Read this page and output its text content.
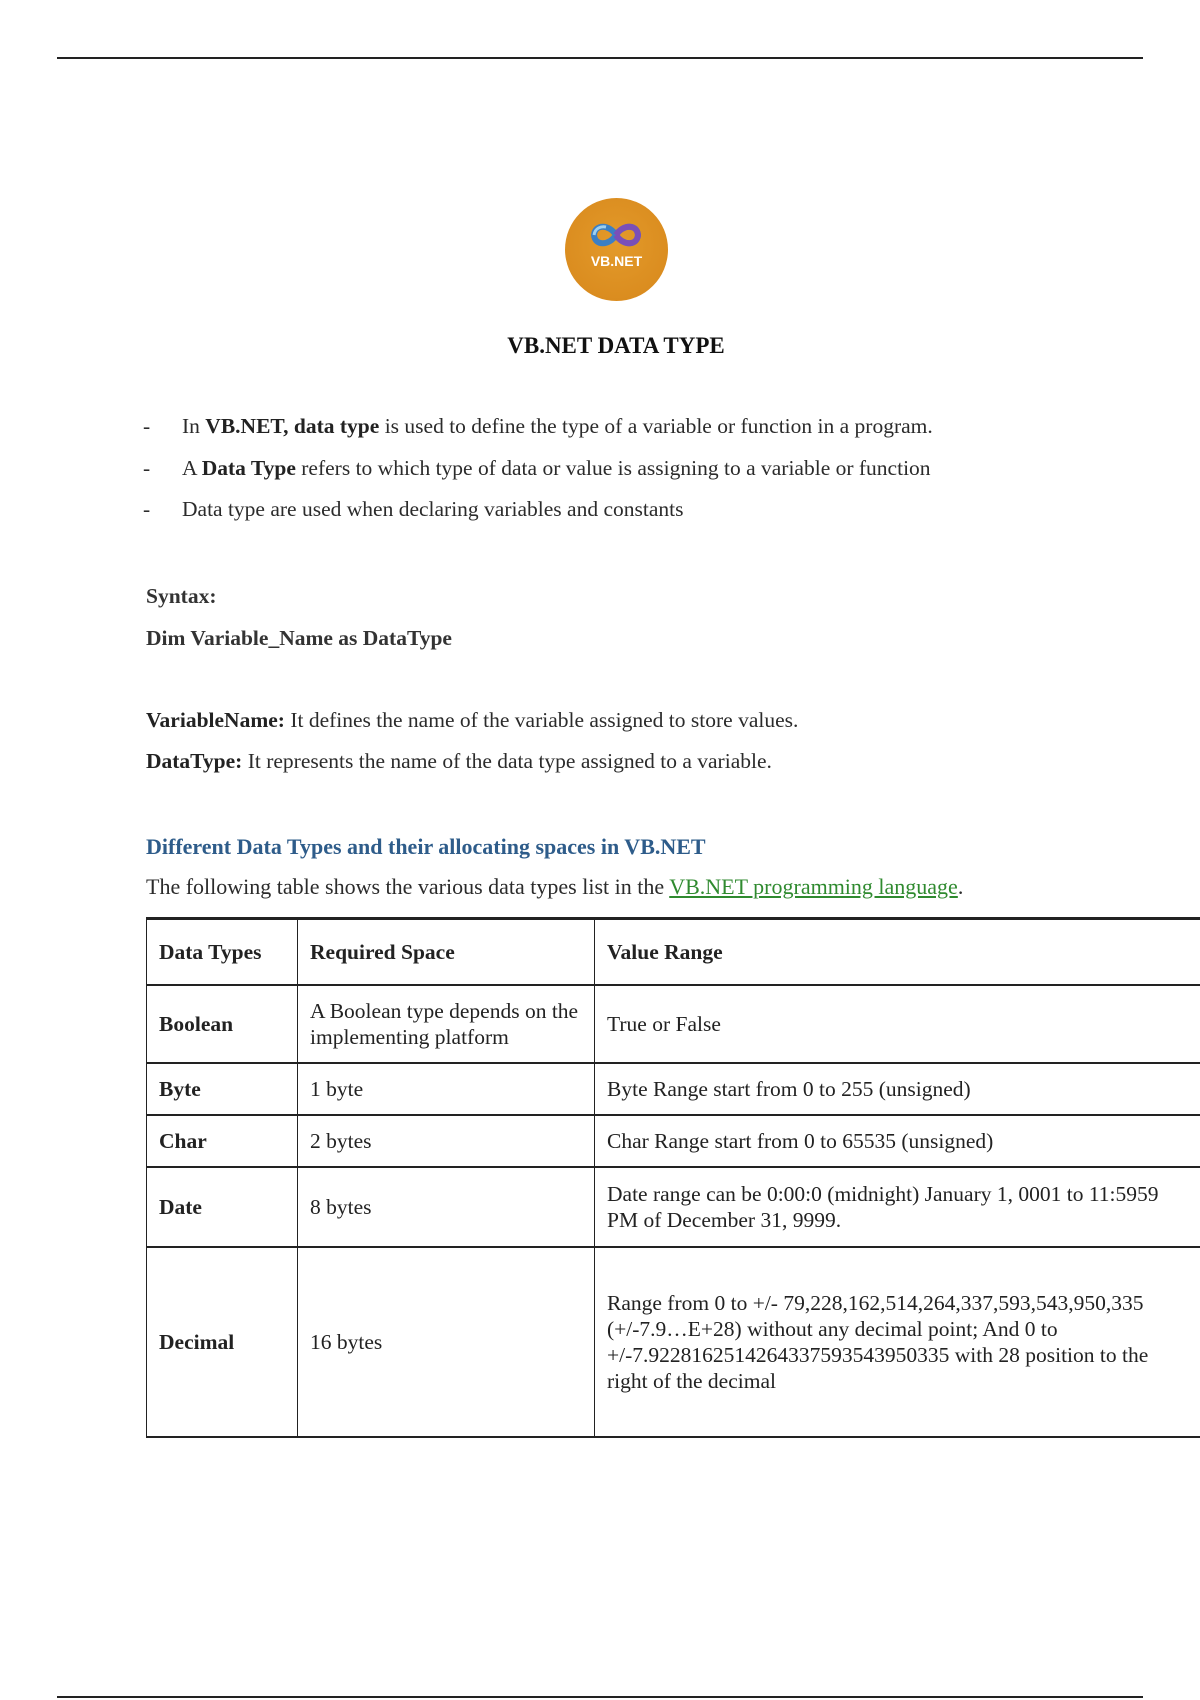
VB.NET
VB.NET DATA TYPE
- In VB.NET, data type is used to define the type of a variable or function in a program.
- A Data Type refers to which type of data or value is assigning to a variable or function
- Data type are used when declaring variables and constants
Syntax:
Dim Variable_Name as DataType
VariableName: It defines the name of the variable assigned to store values.
DataType: It represents the name of the data type assigned to a variable.
Different Data Types and their allocating spaces in VB.NET
The following table shows the various data types list in the VB.NET programming language.
Data Types	Required Space	Value Range
Boolean	A Boolean type depends on the implementing platform	True or False
Byte	1 byte	Byte Range start from 0 to 255 (unsigned)
Char	2 bytes	Char Range start from 0 to 65535 (unsigned)
Date	8 bytes	Date range can be 0:00:0 (midnight) January 1, 0001 to 11:5959 PM of December 31, 9999.
Decimal	16 bytes	Range from 0 to +/- 79,228,162,514,264,337,593,543,950,335 (+/-7.9…E+28) without any decimal point; And 0 to +/-7.9228162514264337593543950335 with 28 position to the right of the decimal
